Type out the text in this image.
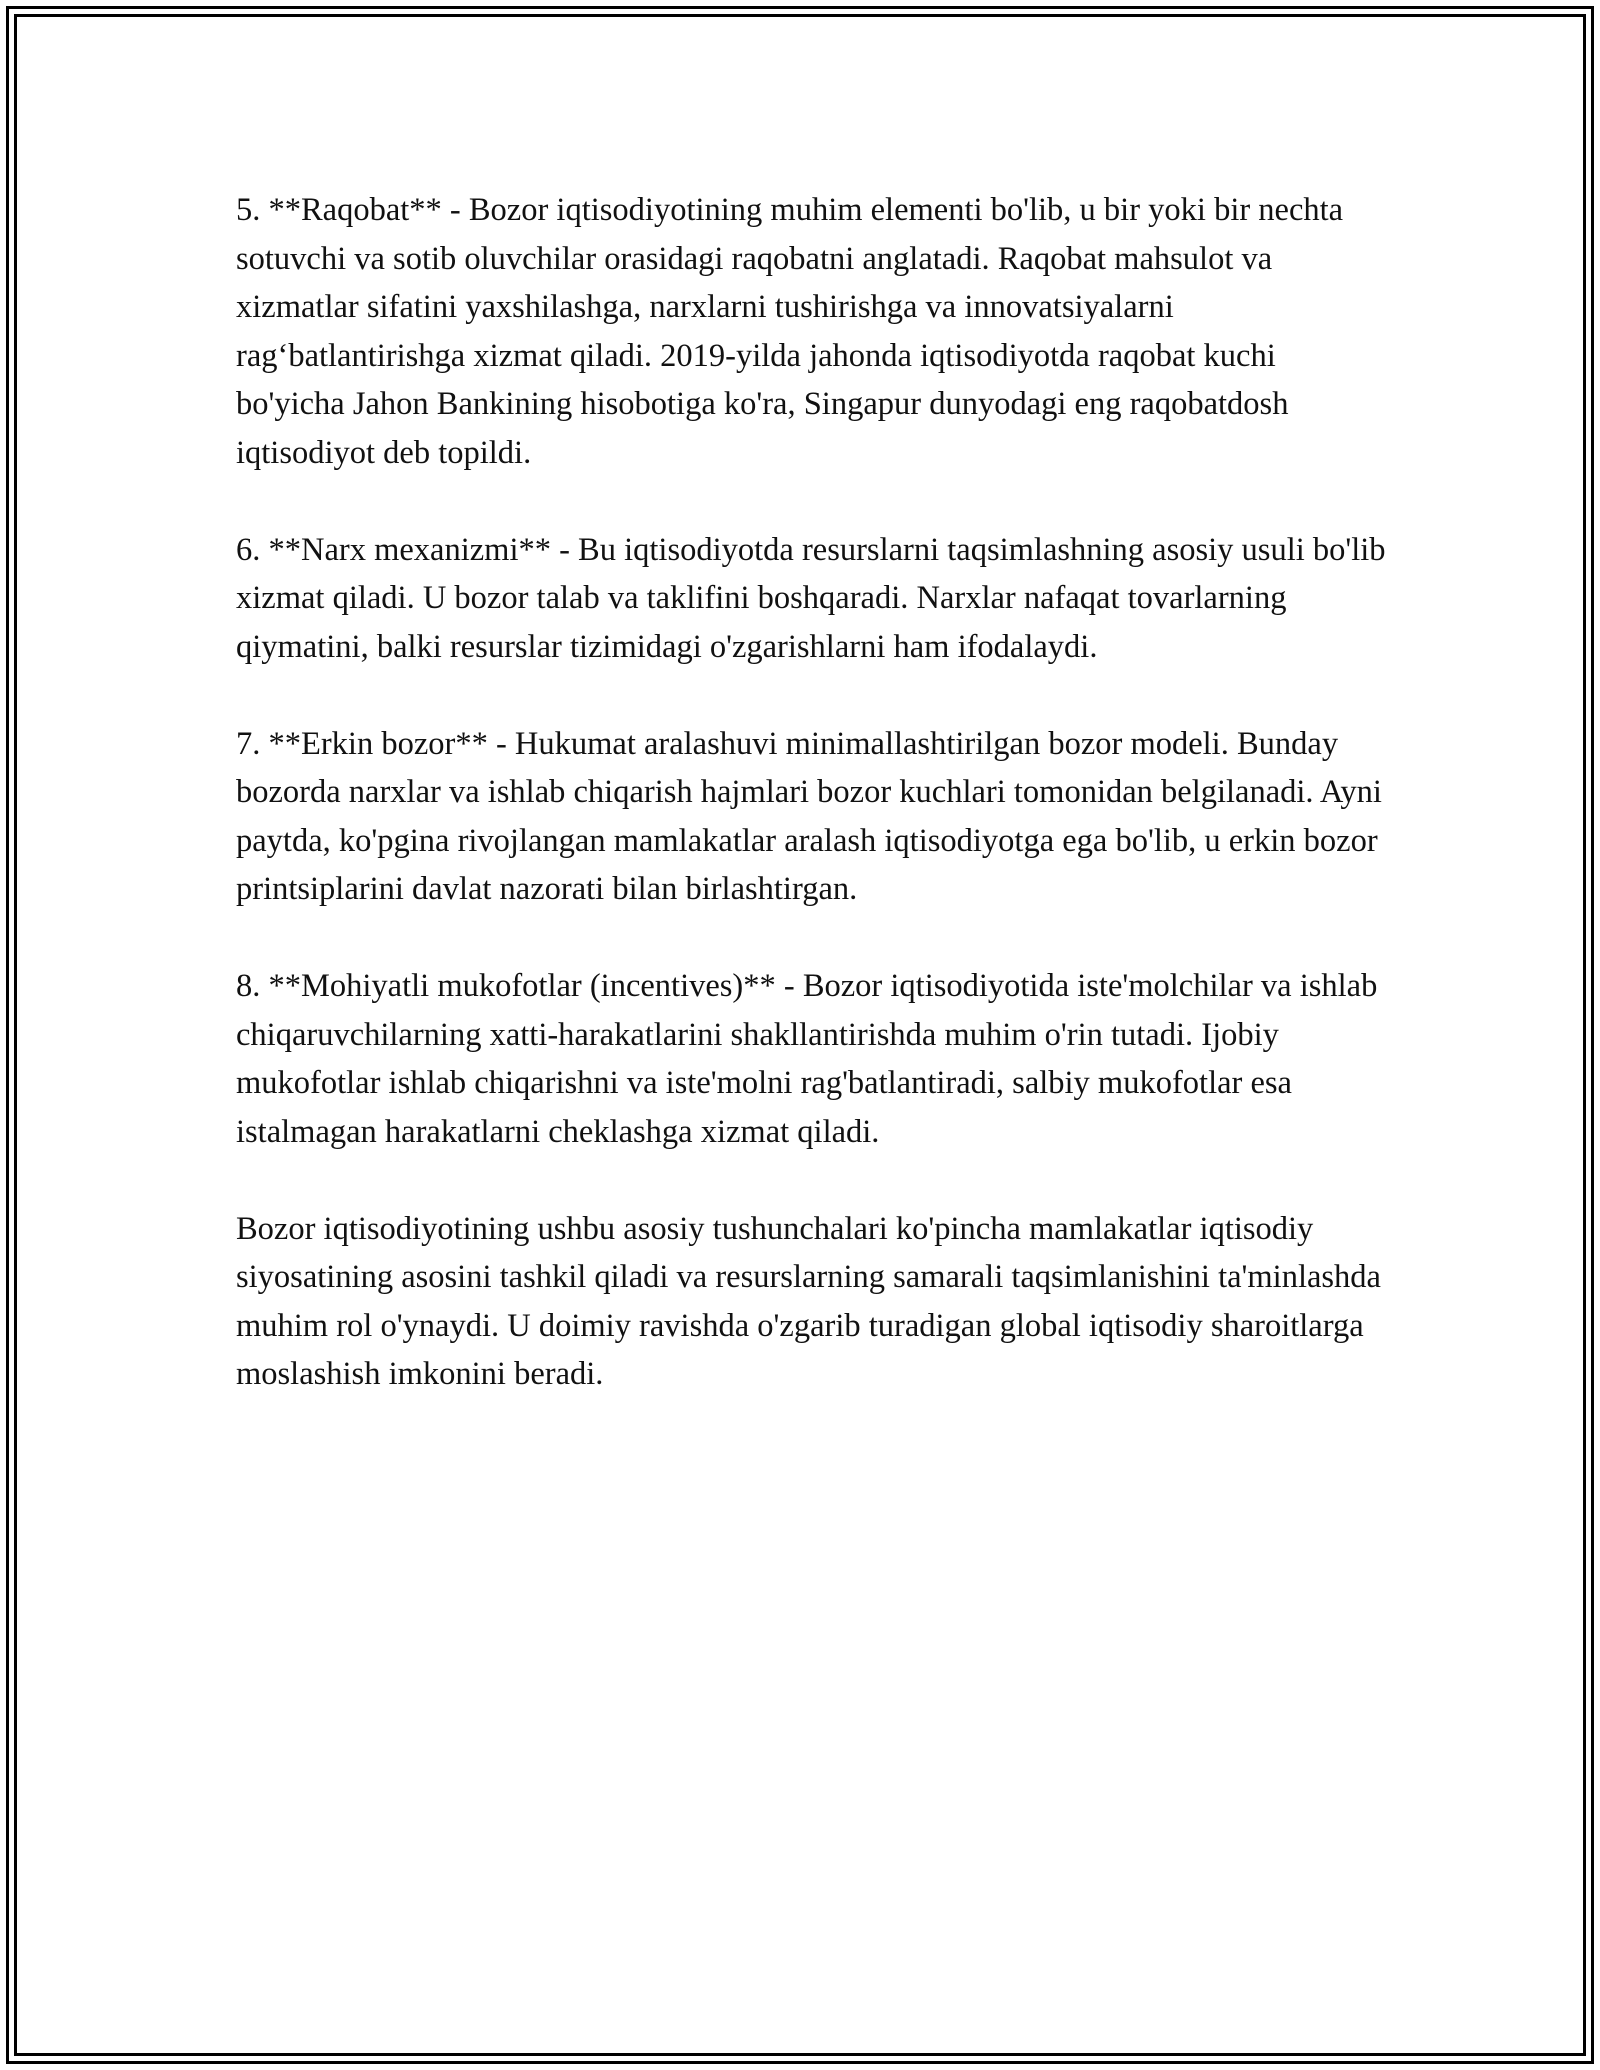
5. **Raqobat** - Bozor iqtisodiyotining muhim elementi bo'lib, u bir yoki bir nechta sotuvchi va sotib oluvchilar orasidagi raqobatni anglatadi. Raqobat mahsulot va xizmatlar sifatini yaxshilashga, narxlarni tushirishga va innovatsiyalarni rag‘batlantirishga xizmat qiladi. 2019-yilda jahonda iqtisodiyotda raqobat kuchi bo'yicha Jahon Bankining hisobotiga ko'ra, Singapur dunyodagi eng raqobatdosh iqtisodiyot deb topildi.

6. **Narx mexanizmi** - Bu iqtisodiyotda resurslarni taqsimlashning asosiy usuli bo'lib xizmat qiladi. U bozor talab va taklifini boshqaradi. Narxlar nafaqat tovarlarning qiymatini, balki resurslar tizimidagi o'zgarishlarni ham ifodalaydi.

7. **Erkin bozor** - Hukumat aralashuvi minimallashtirilgan bozor modeli. Bunday bozorda narxlar va ishlab chiqarish hajmlari bozor kuchlari tomonidan belgilanadi. Ayni paytda, ko'pgina rivojlangan mamlakatlar aralash iqtisodiyotga ega bo'lib, u erkin bozor printsiplarini davlat nazorati bilan birlashtirgan.

8. **Mohiyatli mukofotlar (incentives)** - Bozor iqtisodiyotida iste'molchilar va ishlab chiqaruvchilarning xatti-harakatlarini shakllantirishda muhim o'rin tutadi. Ijobiy mukofotlar ishlab chiqarishni va iste'molni rag'batlantiradi, salbiy mukofotlar esa istalmagan harakatlarni cheklashga xizmat qiladi.

Bozor iqtisodiyotining ushbu asosiy tushunchalari ko'pincha mamlakatlar iqtisodiy siyosatining asosini tashkil qiladi va resurslarning samarali taqsimlanishini ta'minlashda muhim rol o'ynaydi. U doimiy ravishda o'zgarib turadigan global iqtisodiy sharoitlarga moslashish imkonini beradi.
